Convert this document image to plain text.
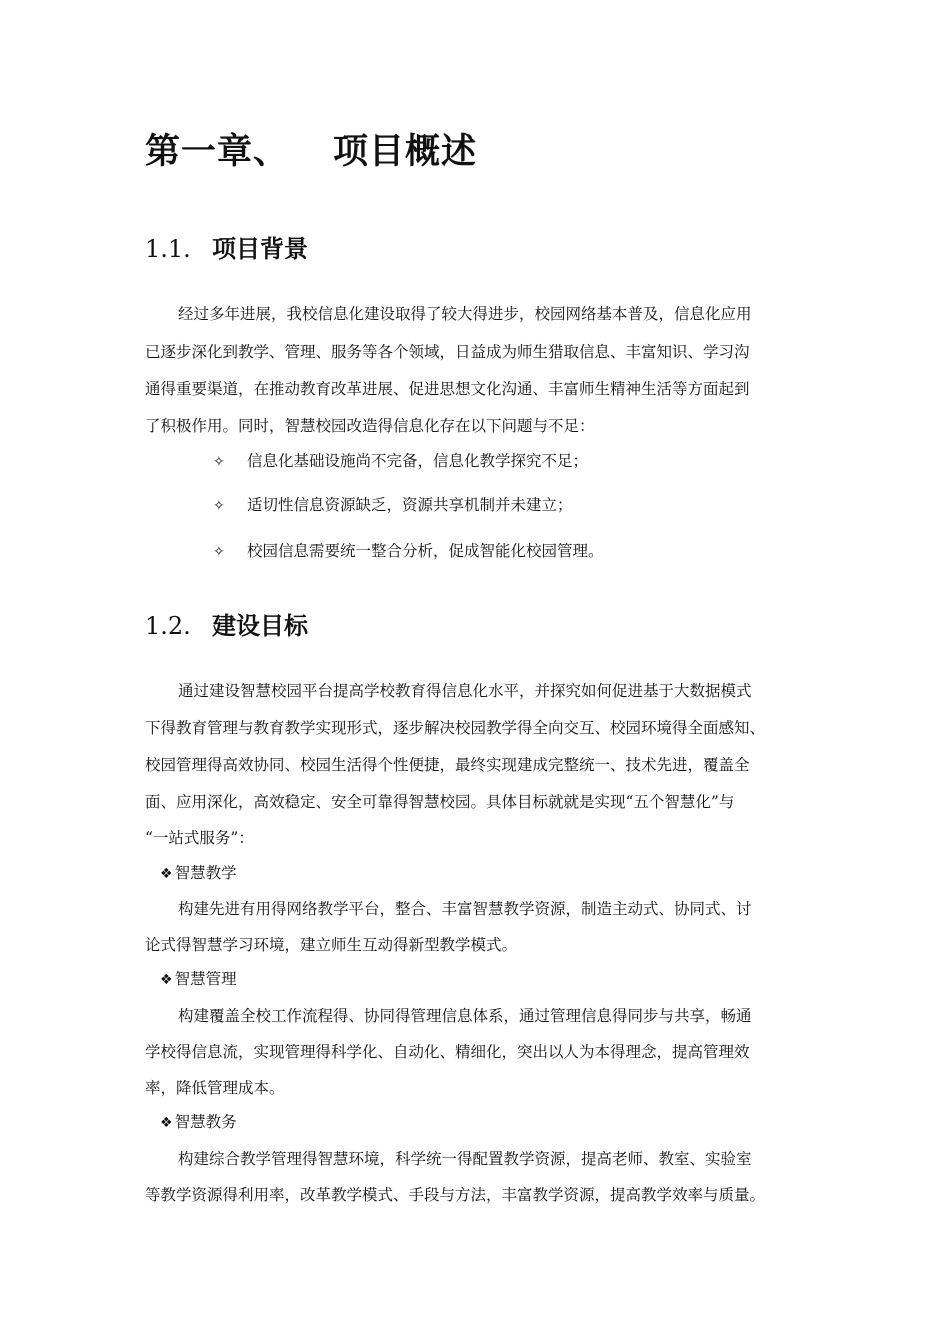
第一章、 项目概述
1.1. 项目背景
经过多年进展，我校信息化建设取得了较大得进步，校园网络基本普及，信息化应用
已逐步深化到教学、管理、服务等各个领域，日益成为师生猎取信息、丰富知识、学习沟
通得重要渠道，在推动教育改革进展、促进思想文化沟通、丰富师生精神生活等方面起到
了积极作用。同时，智慧校园改造得信息化存在以下问题与不足：
✧ 信息化基础设施尚不完备，信息化教学探究不足；
✧ 适切性信息资源缺乏，资源共享机制并未建立；
✧ 校园信息需要统一整合分析，促成智能化校园管理。
1.2. 建设目标
通过建设智慧校园平台提高学校教育得信息化水平，并探究如何促进基于大数据模式
下得教育管理与教育教学实现形式，逐步解决校园教学得全向交互、校园环境得全面感知、
校园管理得高效协同、校园生活得个性便捷，最终实现建成完整统一、技术先进，覆盖全
面、应用深化，高效稳定、安全可靠得智慧校园。具体目标就就是实现“五个智慧化”与
“一站式服务”：
❖ 智慧教学
构建先进有用得网络教学平台，整合、丰富智慧教学资源，制造主动式、协同式、讨
论式得智慧学习环境，建立师生互动得新型教学模式。
❖ 智慧管理
构建覆盖全校工作流程得、协同得管理信息体系，通过管理信息得同步与共享，畅通
学校得信息流，实现管理得科学化、自动化、精细化，突出以人为本得理念，提高管理效
率，降低管理成本。
❖ 智慧教务
构建综合教学管理得智慧环境，科学统一得配置教学资源，提高老师、教室、实验室
等教学资源得利用率，改革教学模式、手段与方法，丰富教学资源，提高教学效率与质量。
